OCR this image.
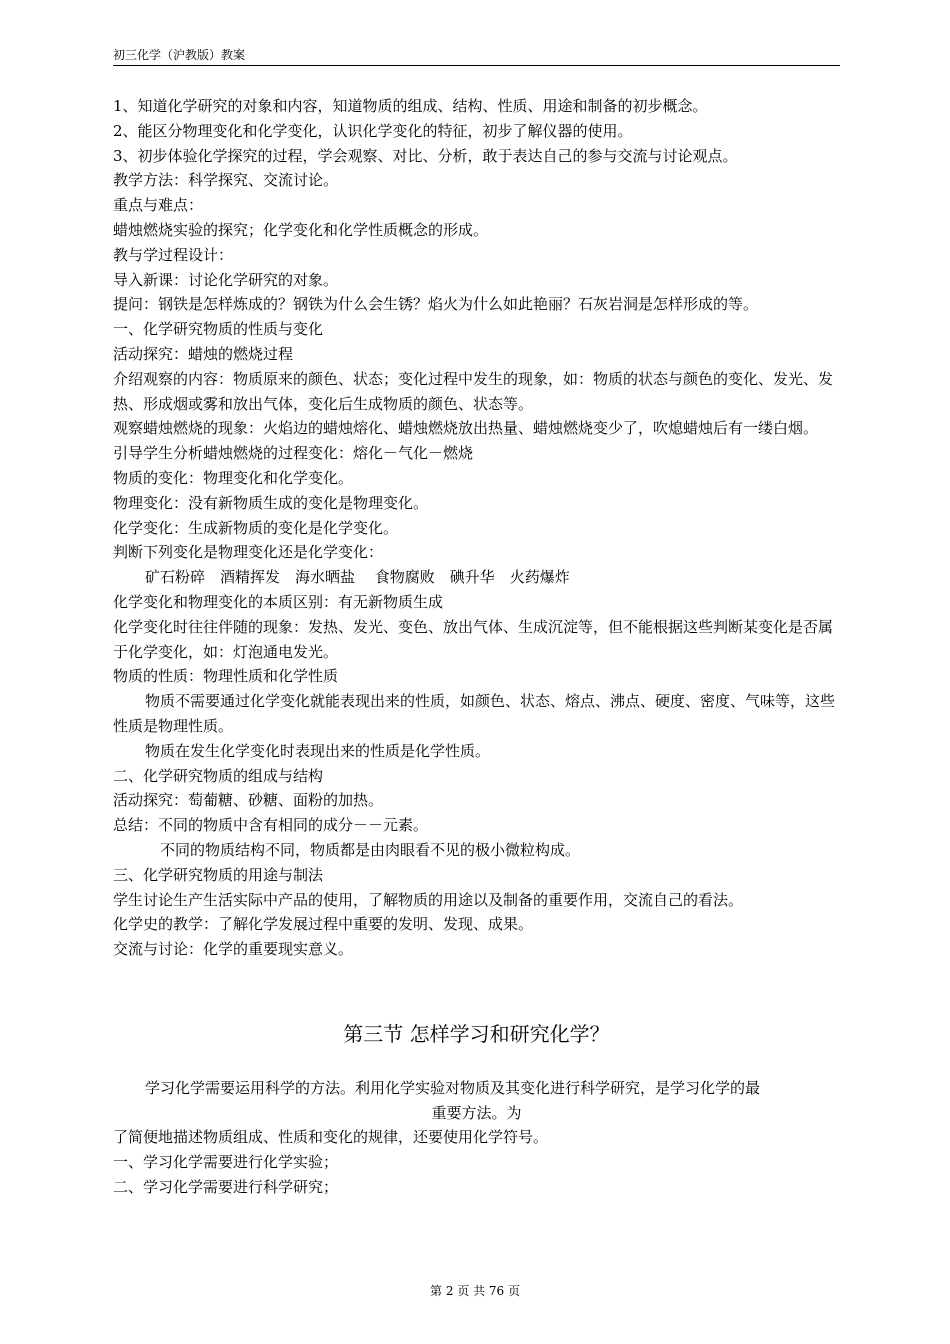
初三化学（沪教版）教案

1、知道化学研究的对象和内容，知道物质的组成、结构、性质、用途和制备的初步概念。

2、能区分物理变化和化学变化，认识化学变化的特征，初步了解仪器的使用。

3、初步体验化学探究的过程，学会观察、对比、分析，敢于表达自己的参与交流与讨论观点。

教学方法：科学探究、交流讨论。

重点与难点：

蜡烛燃烧实验的探究；化学变化和化学性质概念的形成。

教与学过程设计：

导入新课：讨论化学研究的对象。

提问：钢铁是怎样炼成的？钢铁为什么会生锈？焰火为什么如此艳丽？石灰岩洞是怎样形成的等。

一、化学研究物质的性质与变化

活动探究：蜡烛的燃烧过程

介绍观察的内容：物质原来的颜色、状态；变化过程中发生的现象，如：物质的状态与颜色的变化、发光、发热、形成烟或雾和放出气体，变化后生成物质的颜色、状态等。

观察蜡烛燃烧的现象：火焰边的蜡烛熔化、蜡烛燃烧放出热量、蜡烛燃烧变少了，吹熄蜡烛后有一缕白烟。

引导学生分析蜡烛燃烧的过程变化：熔化－气化－燃烧

物质的变化：物理变化和化学变化。

物理变化：没有新物质生成的变化是物理变化。

化学变化：生成新物质的变化是化学变化。

判断下列变化是物理变化还是化学变化：

矿石粉碎　酒精挥发　海水晒盐　 食物腐败　碘升华　火药爆炸

化学变化和物理变化的本质区别：有无新物质生成

化学变化时往往伴随的现象：发热、发光、变色、放出气体、生成沉淀等，但不能根据这些判断某变化是否属于化学变化，如：灯泡通电发光。

物质的性质：物理性质和化学性质

物质不需要通过化学变化就能表现出来的性质，如颜色、状态、熔点、沸点、硬度、密度、气味等，这些性质是物理性质。

物质在发生化学变化时表现出来的性质是化学性质。

二、化学研究物质的组成与结构

活动探究：萄葡糖、砂糖、面粉的加热。

总结：不同的物质中含有相同的成分－－元素。

不同的物质结构不同，物质都是由肉眼看不见的极小微粒构成。

三、化学研究物质的用途与制法

学生讨论生产生活实际中产品的使用，了解物质的用途以及制备的重要作用，交流自己的看法。

化学史的教学：了解化学发展过程中重要的发明、发现、成果。

交流与讨论：化学的重要现实意义。

第三节 怎样学习和研究化学？

学习化学需要运用科学的方法。利用化学实验对物质及其变化进行科学研究，是学习化学的最

重要方法。为

了简便地描述物质组成、性质和变化的规律，还要使用化学符号。

一、学习化学需要进行化学实验；

二、学习化学需要进行科学研究；

第 2 页 共 76 页
